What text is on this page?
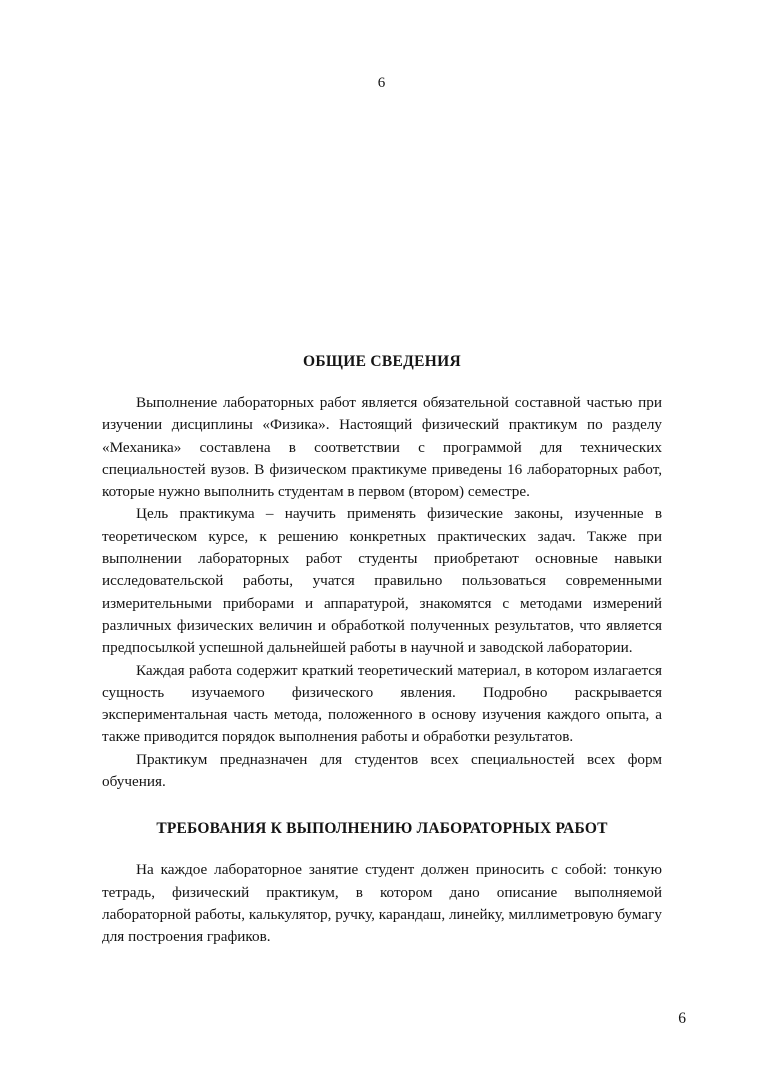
6
ОБЩИЕ СВЕДЕНИЯ

Выполнение лабораторных работ является обязательной составной частью при изучении дисциплины «Физика». Настоящий физический практикум по разделу «Механика» составлена в соответствии с программой для технических специальностей вузов. В физическом практикуме приведены 16 лабораторных работ, которые нужно выполнить студентам в первом (втором) семестре.

Цель практикума – научить применять физические законы, изученные в теоретическом курсе, к решению конкретных практических задач. Также при выполнении лабораторных работ студенты приобретают основные навыки исследовательской работы, учатся правильно пользоваться современными измерительными приборами и аппаратурой, знакомятся с методами измерений различных физических величин и обработкой полученных результатов, что является предпосылкой успешной дальнейшей работы в научной и заводской лаборатории.

Каждая работа содержит краткий теоретический материал, в котором излагается сущность изучаемого физического явления. Подробно раскрывается экспериментальная часть метода, положенного в основу изучения каждого опыта, а также приводится порядок выполнения работы и обработки результатов.

Практикум предназначен для студентов всех специальностей всех форм обучения.

ТРЕБОВАНИЯ К ВЫПОЛНЕНИЮ ЛАБОРАТОРНЫХ РАБОТ

На каждое лабораторное занятие студент должен приносить с собой: тонкую тетрадь, физический практикум, в котором дано описание выполняемой лабораторной работы, калькулятор, ручку, карандаш, линейку, миллиметровую бумагу для построения графиков.

6
